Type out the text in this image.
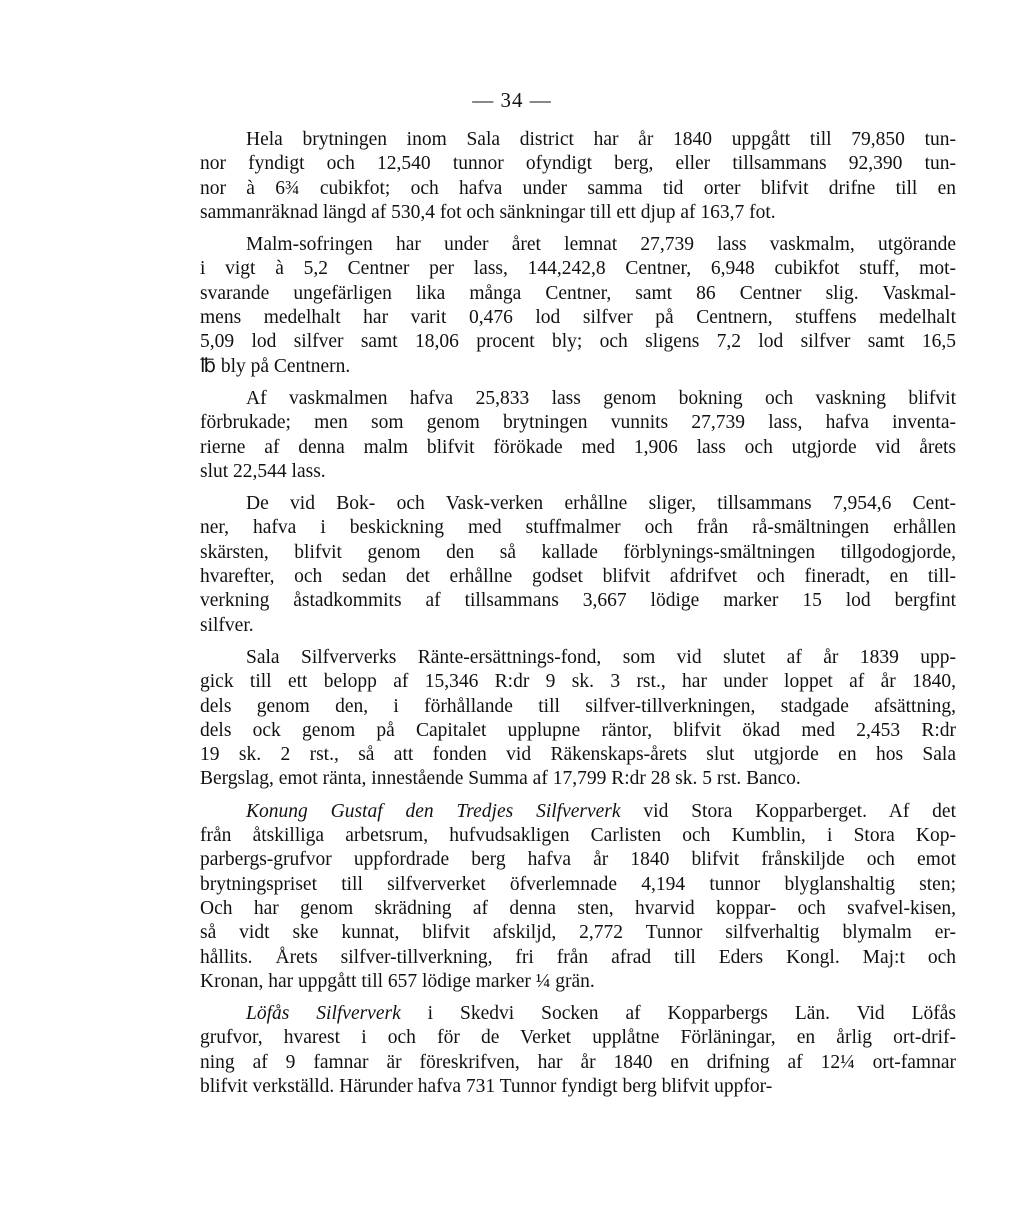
— 34 —
Hela brytningen inom Sala district har år 1840 uppgått till 79,850 tun-
nor fyndigt och 12,540 tunnor ofyndigt berg, eller tillsammans 92,390 tun-
nor à 6¾ cubikfot; och hafva under samma tid orter blifvit drifne till en
sammanräknad längd af 530,4 fot och sänkningar till ett djup af 163,7 fot.
Malm-sofringen har under året lemnat 27,739 lass vaskmalm, utgörande
i vigt à 5,2 Centner per lass, 144,242,8 Centner, 6,948 cubikfot stuff, mot-
svarande ungefärligen lika många Centner, samt 86 Centner slig. Vaskmal-
mens medelhalt har varit 0,476 lod silfver på Centnern, stuffens medelhalt
5,09 lod silfver samt 18,06 procent bly; och sligens 7,2 lod silfver samt 16,5
℔ bly på Centnern.
Af vaskmalmen hafva 25,833 lass genom bokning och vaskning blifvit
förbrukade; men som genom brytningen vunnits 27,739 lass, hafva inventa-
rierne af denna malm blifvit förökade med 1,906 lass och utgjorde vid årets
slut 22,544 lass.
De vid Bok- och Vask-verken erhållne sliger, tillsammans 7,954,6 Cent-
ner, hafva i beskickning med stuffmalmer och från rå-smältningen erhållen
skärsten, blifvit genom den så kallade förblynings-smältningen tillgodogjorde,
hvarefter, och sedan det erhållne godset blifvit afdrifvet och fineradt, en till-
verkning åstadkommits af tillsammans 3,667 lödige marker 15 lod bergfint
silfver.
Sala Silfververks Ränte-ersättnings-fond, som vid slutet af år 1839 upp-
gick till ett belopp af 15,346 R:dr 9 sk. 3 rst., har under loppet af år 1840,
dels genom den, i förhållande till silfver-tillverkningen, stadgade afsättning,
dels ock genom på Capitalet upplupne räntor, blifvit ökad med 2,453 R:dr
19 sk. 2 rst., så att fonden vid Räkenskaps-årets slut utgjorde en hos Sala
Bergslag, emot ränta, innestående Summa af 17,799 R:dr 28 sk. 5 rst. Banco.
Konung Gustaf den Tredjes Silfververk vid Stora Kopparberget. Af det
från åtskilliga arbetsrum, hufvudsakligen Carlisten och Kumblin, i Stora Kop-
parbergs-grufvor uppfordrade berg hafva år 1840 blifvit frånskiljde och emot
brytningspriset till silfververket öfverlemnade 4,194 tunnor blyglanshaltig sten;
Och har genom skrädning af denna sten, hvarvid koppar- och svafvel-kisen,
så vidt ske kunnat, blifvit afskiljd, 2,772 Tunnor silfverhaltig blymalm er-
hållits. Årets silfver-tillverkning, fri från afrad till Eders Kongl. Maj:t och
Kronan, har uppgått till 657 lödige marker ¼ grän.
Löfås Silfververk i Skedvi Socken af Kopparbergs Län. Vid Löfås
grufvor, hvarest i och för de Verket upplåtne Förläningar, en årlig ort-drif-
ning af 9 famnar är föreskrifven, har år 1840 en drifning af 12¼ ort-famnar
blifvit verkställd. Härunder hafva 731 Tunnor fyndigt berg blifvit uppfor-
